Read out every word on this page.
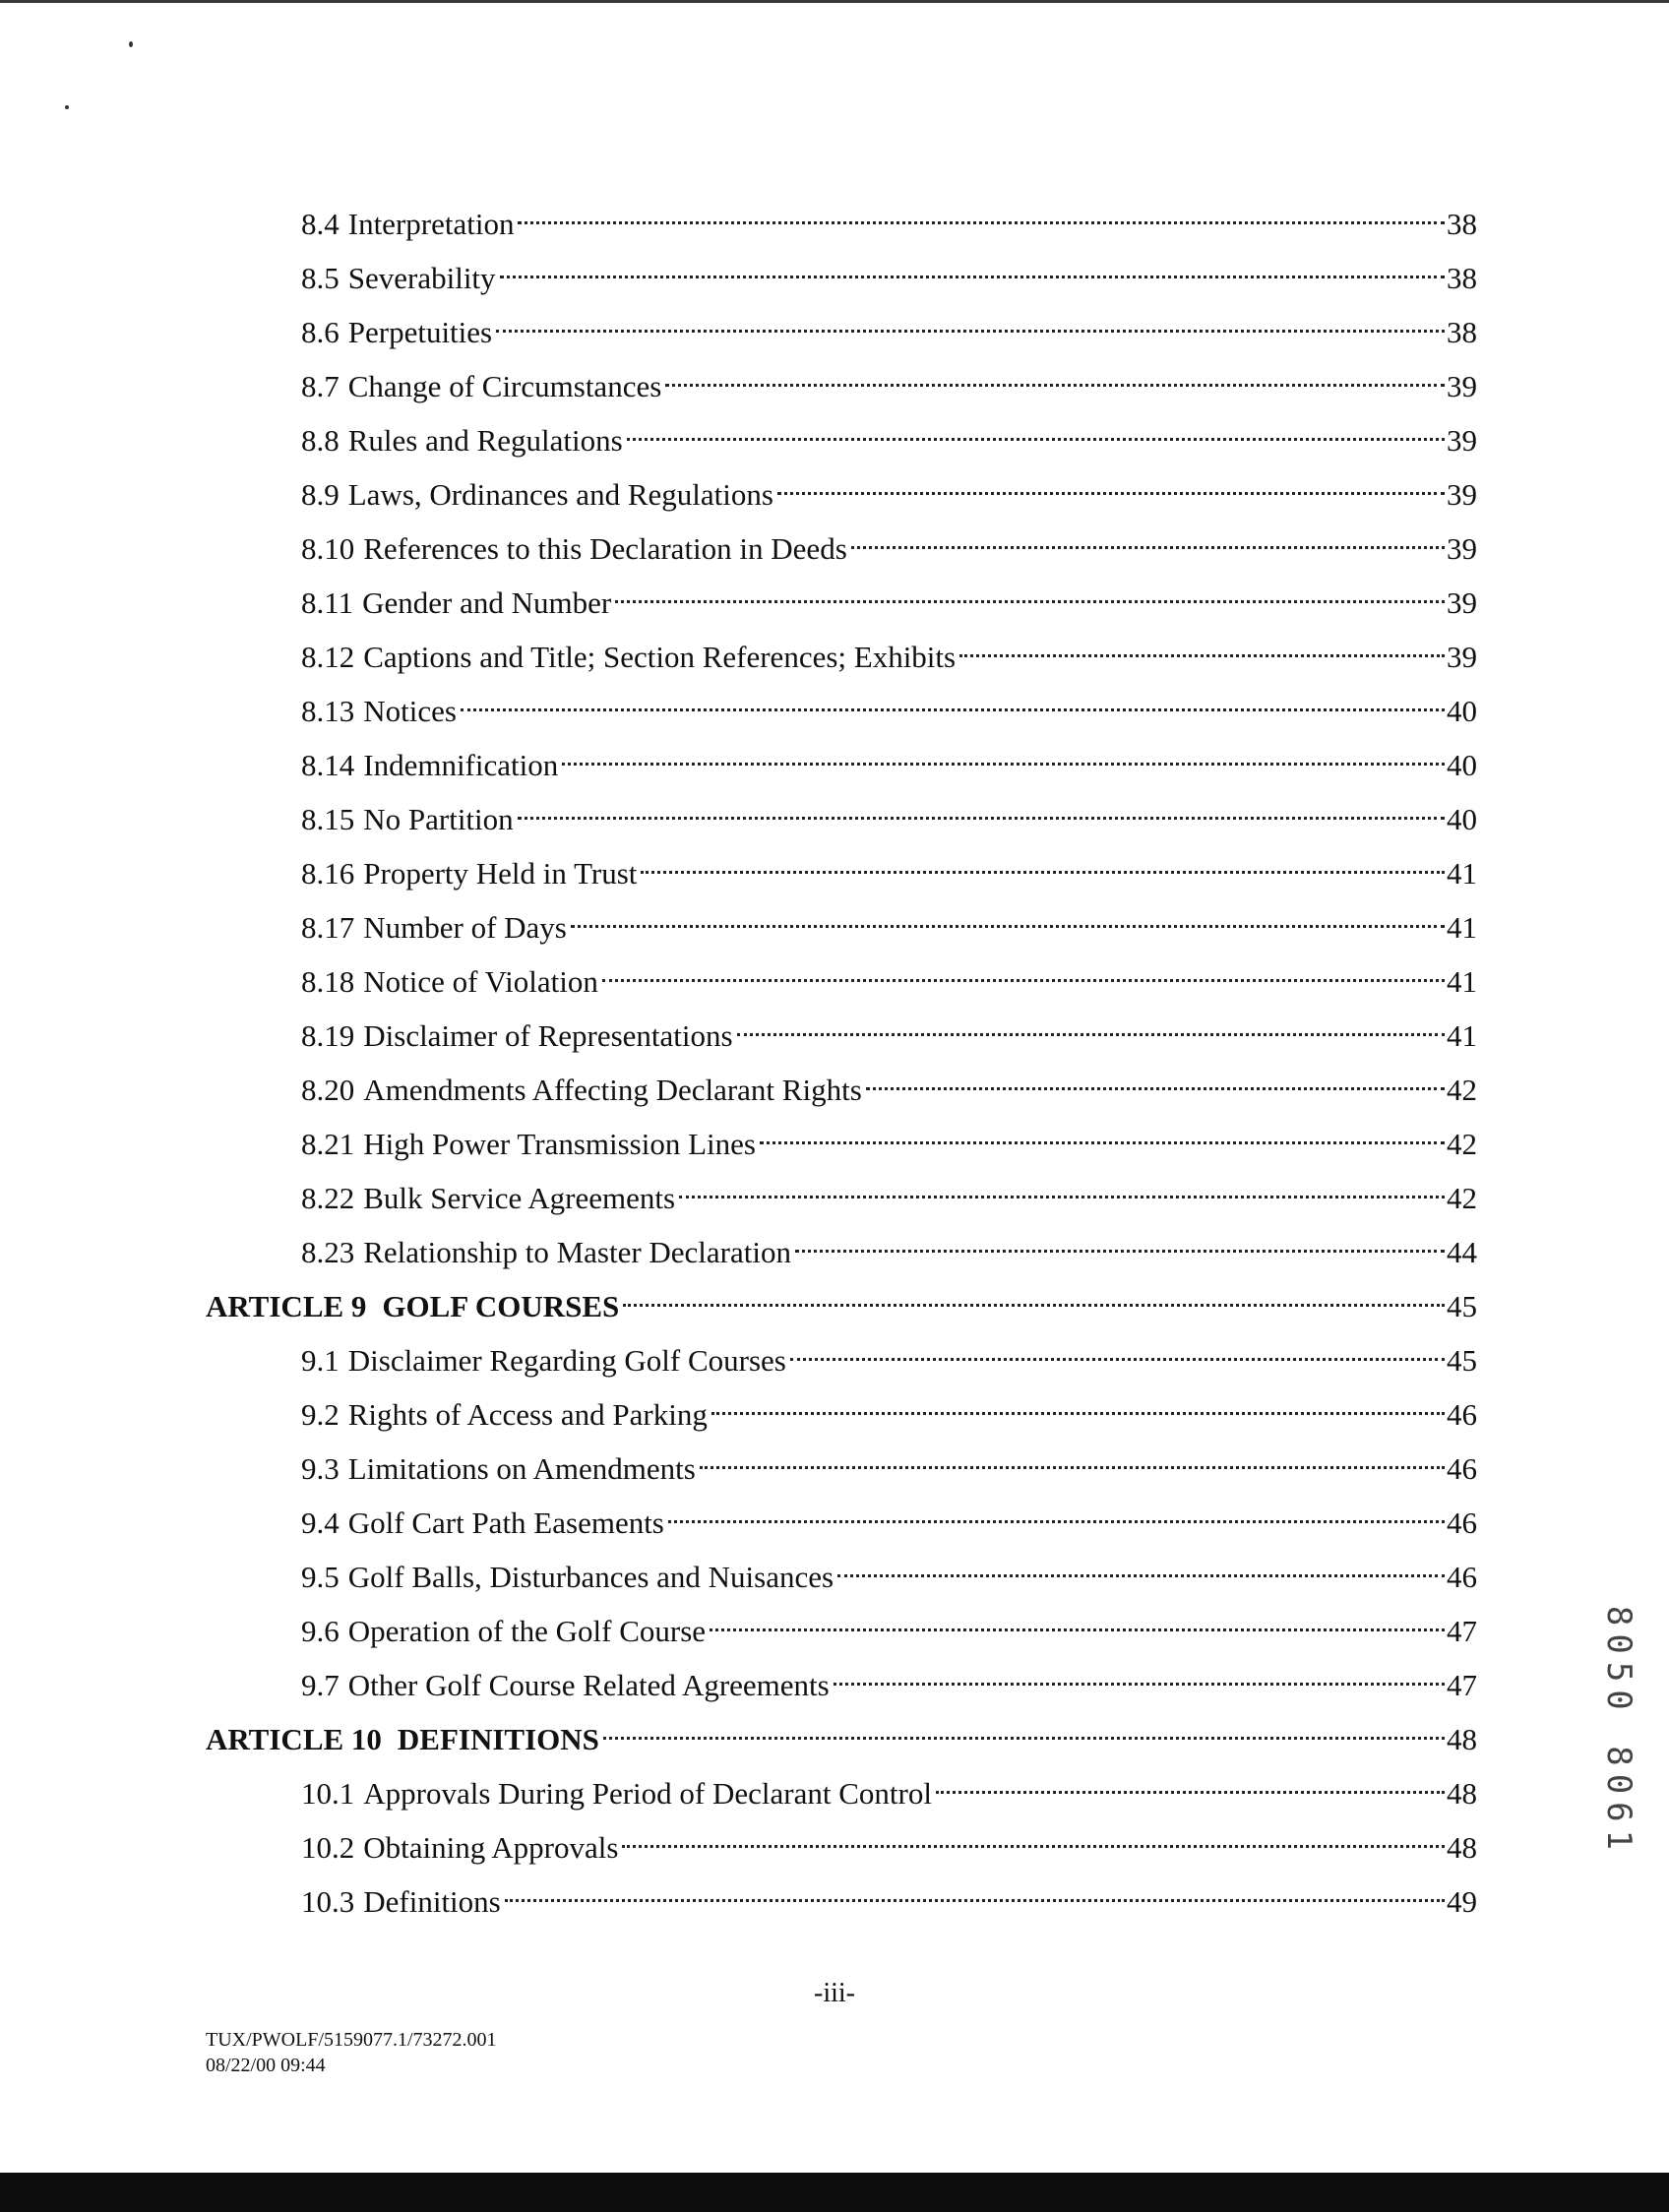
8.4 Interpretation	38
8.5 Severability	38
8.6 Perpetuities	38
8.7 Change of Circumstances	39
8.8 Rules and Regulations	39
8.9 Laws, Ordinances and Regulations	39
8.10 References to this Declaration in Deeds	39
8.11 Gender and Number	39
8.12 Captions and Title; Section References; Exhibits	39
8.13 Notices	40
8.14 Indemnification	40
8.15 No Partition	40
8.16 Property Held in Trust	41
8.17 Number of Days	41
8.18 Notice of Violation	41
8.19 Disclaimer of Representations	41
8.20 Amendments Affecting Declarant Rights	42
8.21 High Power Transmission Lines	42
8.22 Bulk Service Agreements	42
8.23 Relationship to Master Declaration	44
ARTICLE 9 GOLF COURSES	45
9.1 Disclaimer Regarding Golf Courses	45
9.2 Rights of Access and Parking	46
9.3 Limitations on Amendments	46
9.4 Golf Cart Path Easements	46
9.5 Golf Balls, Disturbances and Nuisances	46
9.6 Operation of the Golf Course	47
9.7 Other Golf Course Related Agreements	47
ARTICLE 10 DEFINITIONS	48
10.1 Approvals During Period of Declarant Control	48
10.2 Obtaining Approvals	48
10.3 Definitions	49
-iii-
TUX/PWOLF/5159077.1/73272.001
08/22/00 09:44
8050 8061
